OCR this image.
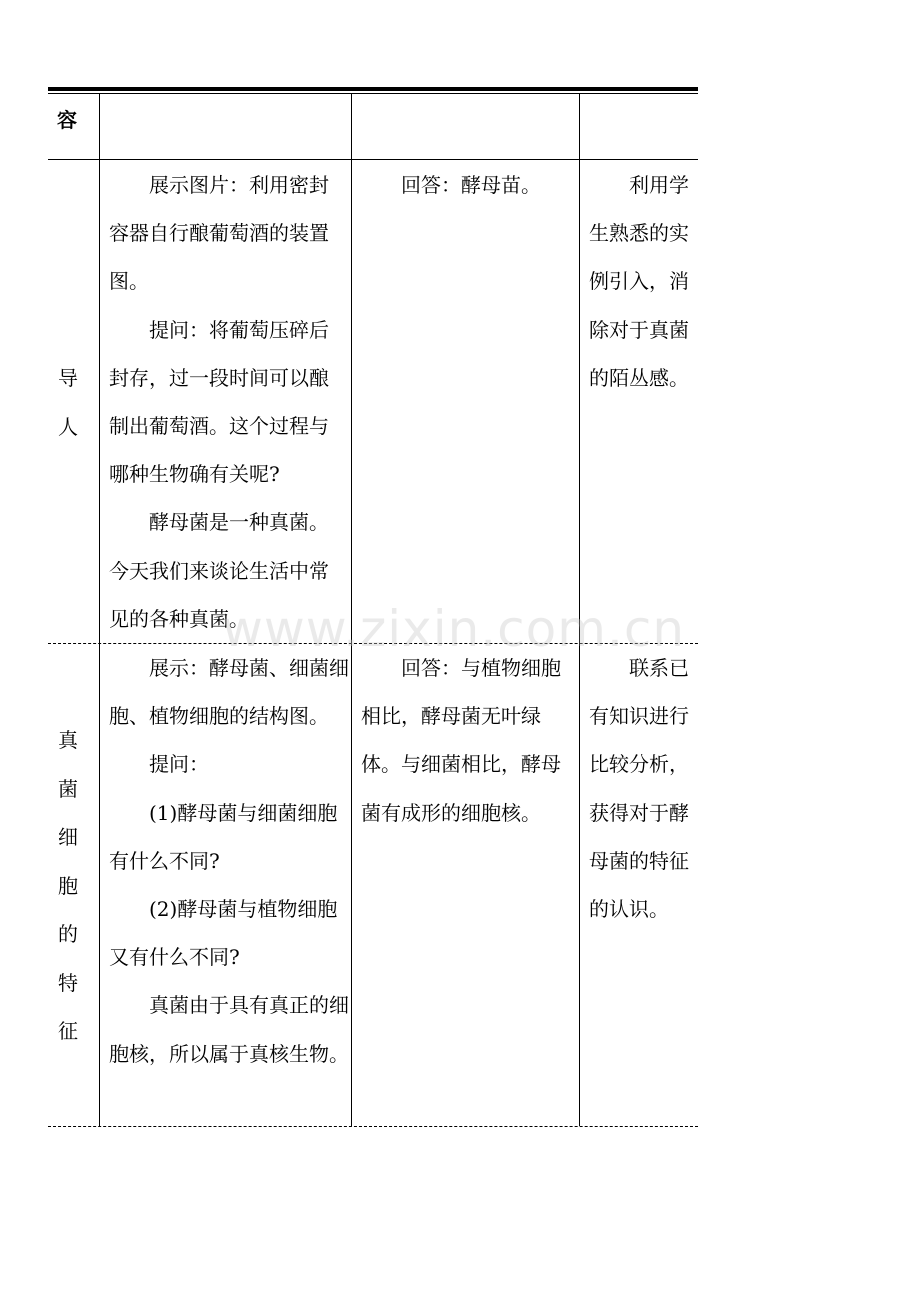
容
导
人

展示图片：利用密封容器自行酿葡萄酒的装置图。

提问：将葡萄压碎后封存，过一段时间可以酿制出葡萄酒。这个过程与哪种生物确有关呢?

酵母菌是一种真菌。今天我们来谈论生活中常见的各种真菌。

回答：酵母苗。	利用学生熟悉的实例引入，消除对于真菌的陌丛感。

真
菌
细
胞
的
特
征

展示：酵母菌、细菌细胞、植物细胞的结构图。

提问：

(1)酵母菌与细菌细胞有什么不同?

(2)酵母菌与植物细胞又有什么不同?

真菌由于具有真正的细胞核，所以属于真核生物。

回答：与植物细胞相比，酵母菌无叶绿体。与细菌相比，酵母菌有成形的细胞核。

联系已有知识进行比较分析，获得对于酵母菌的特征的认识。

www.zixin.com.cn
